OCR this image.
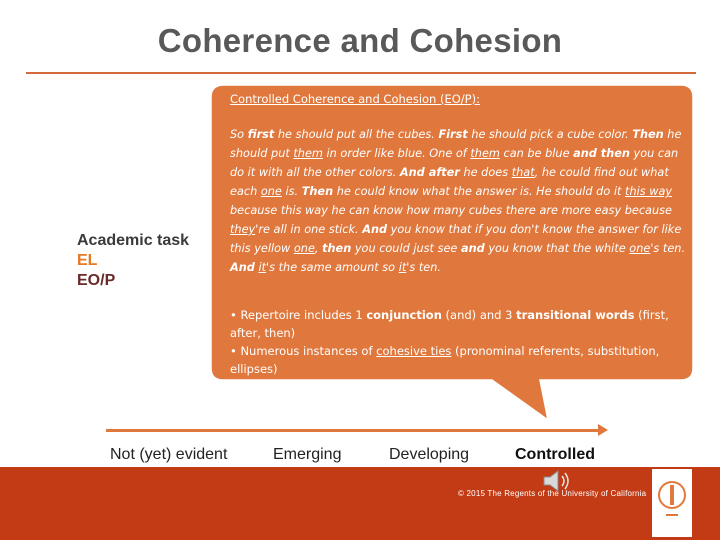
Coherence and Cohesion
Academic task
EL
EO/P
Controlled Coherence and Cohesion (EO/P):
So first he should put all the cubes. First he should pick a cube color. Then he should put them in order like blue. One of them can be blue and then you can do it with all the other colors. And after he does that, he could find out what each one is. Then he could know what the answer is. He should do it this way because this way he can know how many cubes there are more easy because they're all in one stick. And you know that if you don't know the answer for like this yellow one, then you could just see and you know that the white one's ten. And it's the same amount so it's ten.
• Repertoire includes 1 conjunction (and) and 3 transitional words (first, after, then)
• Numerous instances of cohesive ties (pronominal referents, substitution, ellipses)
Not (yet) evident	Emerging	Developing	Controlled
© 2015 The Regents of the University of California
